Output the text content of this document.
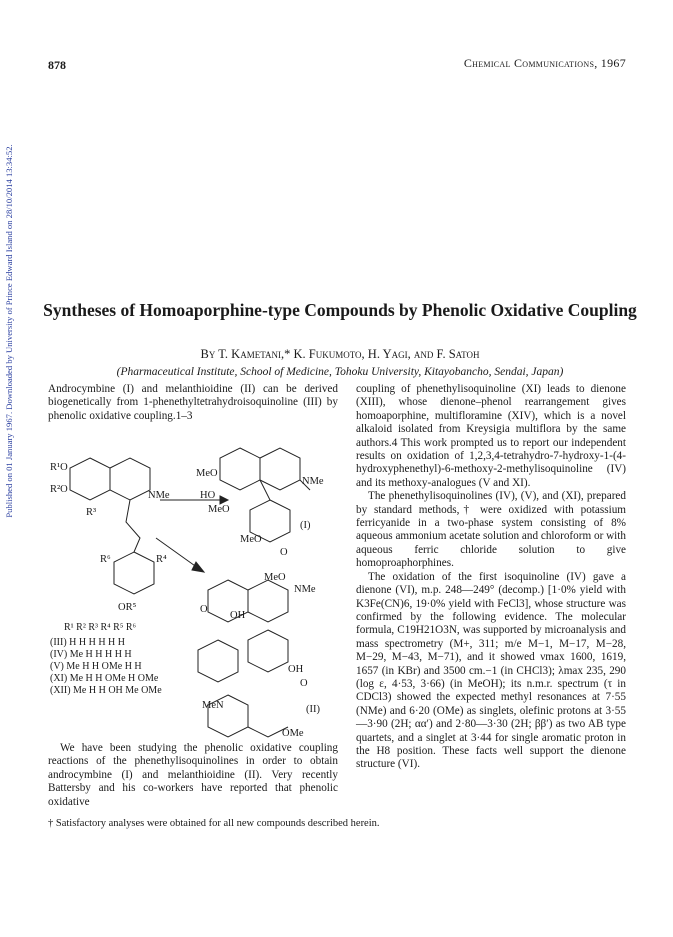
Published on 01 January 1967. Downloaded by University of Prince Edward Island on 28/10/2014 13:34:52.
878	Chemical Communications, 1967
Syntheses of Homoaporphine-type Compounds by Phenolic Oxidative Coupling
By T. Kametani,* K. Fukumoto, H. Yagi, and F. Satoh
(Pharmaceutical Institute, School of Medicine, Tohoku University, Kitayobancho, Sendai, Japan)

Androcymbine (I) and melanthioidine (II) can be derived biogenetically from 1-phenethyltetrahydroisoquinoline (III) by phenolic oxidative coupling.1–3

R¹O
R²O
NMe
R³
R⁶	R⁴
OR⁵
MeO
HO
MeO
NMe
(I)
MeO
O
MeO
NMe
O
OH
OH
O
(II)
MeN
OMe
R¹ R² R³ R⁴ R⁵ R⁶
(III) H H H H H H
(IV) Me H H H H H
(V) Me H H OMe H H
(XI) Me H H OMe H OMe
(XII) Me H H OH Me OMe

We have been studying the phenolic oxidative coupling reactions of the phenethylisoquinolines in order to obtain androcymbine (I) and melanthioidine (II). Very recently Battersby and his co-workers have reported that phenolic oxidative

coupling of phenethylisoquinoline (XI) leads to dienone (XIII), whose dienone–phenol rearrangement gives homoaporphine, multifloramine (XIV), which is a novel alkaloid isolated from Kreysigia multiflora by the same authors.4 This work prompted us to report our independent results on oxidation of 1,2,3,4-tetrahydro-7-hydroxy-1-(4-hydroxyphenethyl)-6-methoxy-2-methylisoquinoline (IV) and its methoxy-analogues (V and XI).

The phenethylisoquinolines (IV), (V), and (XI), prepared by standard methods,† were oxidized with potassium ferricyanide in a two-phase system consisting of 8% aqueous ammonium acetate solution and chloroform or with aqueous ferric chloride solution to give homoproaphorphines.

The oxidation of the first isoquinoline (IV) gave a dienone (VI), m.p. 248—249° (decomp.) [1·0% yield with K3Fe(CN)6, 19·0% yield with FeCl3], whose structure was confirmed by the following evidence. The molecular formula, C19H21O3N, was supported by microanalysis and mass spectrometry (M+, 311; m/e M−1, M−17, M−28, M−29, M−43, M−71), and it showed νmax 1600, 1619, 1657 (in KBr) and 3500 cm.−1 (in CHCl3); λmax 235, 290 (log ε, 4·53, 3·66) (in MeOH); its n.m.r. spectrum (τ in CDCl3) showed the expected methyl resonances at 7·55 (NMe) and 6·20 (OMe) as singlets, olefinic protons at 3·55—3·90 (2H; αα′) and 2·80—3·30 (2H; ββ′) as two AB type quartets, and a singlet at 3·44 for single aromatic proton in the H8 position. These facts well support the dienone structure (VI).

† Satisfactory analyses were obtained for all new compounds described herein.
